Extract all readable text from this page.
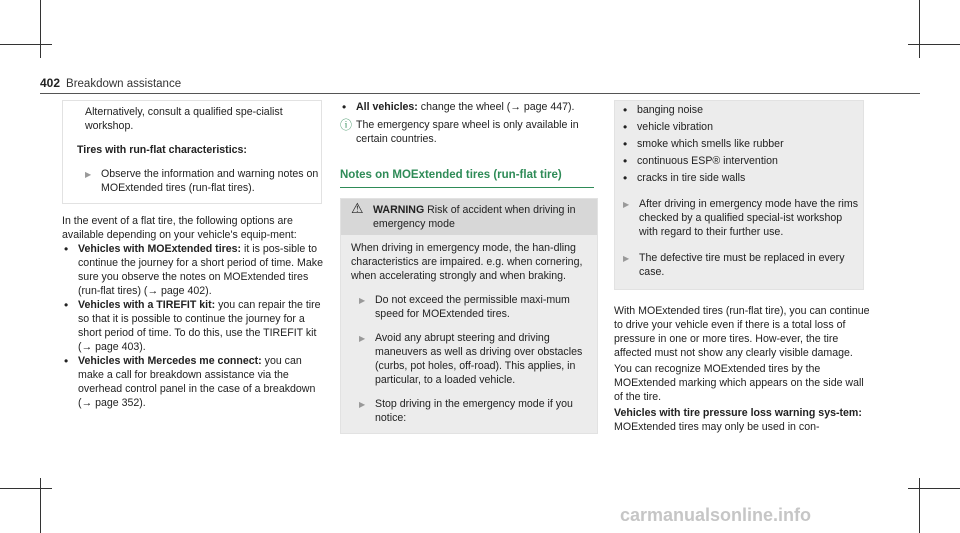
402 Breakdown assistance
Alternatively, consult a qualified spe-cialist workshop.
Tires with run-flat characteristics:
▶ Observe the information and warning notes on MOExtended tires (run-flat tires).
In the event of a flat tire, the following options are available depending on your vehicle's equip-ment:
• Vehicles with MOExtended tires: it is pos-sible to continue the journey for a short period of time. Make sure you observe the notes on MOExtended tires (run-flat tires) (→ page 402).
• Vehicles with a TIREFIT kit: you can repair the tire so that it is possible to continue the journey for a short period of time. To do this, use the TIREFIT kit (→ page 403).
• Vehicles with Mercedes me connect: you can make a call for breakdown assistance via the overhead control panel in the case of a breakdown (→ page 352).
• All vehicles: change the wheel (→ page 447).
ⓘ The emergency spare wheel is only available in certain countries.
Notes on MOExtended tires (run-flat tire)
⚠ WARNING Risk of accident when driving in emergency mode
When driving in emergency mode, the han-dling characteristics are impaired. e.g. when cornering, when accelerating strongly and when braking.
▶ Do not exceed the permissible maxi-mum speed for MOExtended tires.
▶ Avoid any abrupt steering and driving maneuvers as well as driving over obstacles (curbs, pot holes, off-road). This applies, in particular, to a loaded vehicle.
▶ Stop driving in the emergency mode if you notice:
• banging noise
• vehicle vibration
• smoke which smells like rubber
• continuous ESP® intervention
• cracks in tire side walls
▶ After driving in emergency mode have the rims checked by a qualified special-ist workshop with regard to their further use.
▶ The defective tire must be replaced in every case.
With MOExtended tires (run-flat tire), you can continue to drive your vehicle even if there is a total loss of pressure in one or more tires. How-ever, the tire affected must not show any clearly visible damage.
You can recognize MOExtended tires by the MOExtended marking which appears on the side wall of the tire.
Vehicles with tire pressure loss warning sys-tem: MOExtended tires may only be used in con-
carmanualsonline.info
